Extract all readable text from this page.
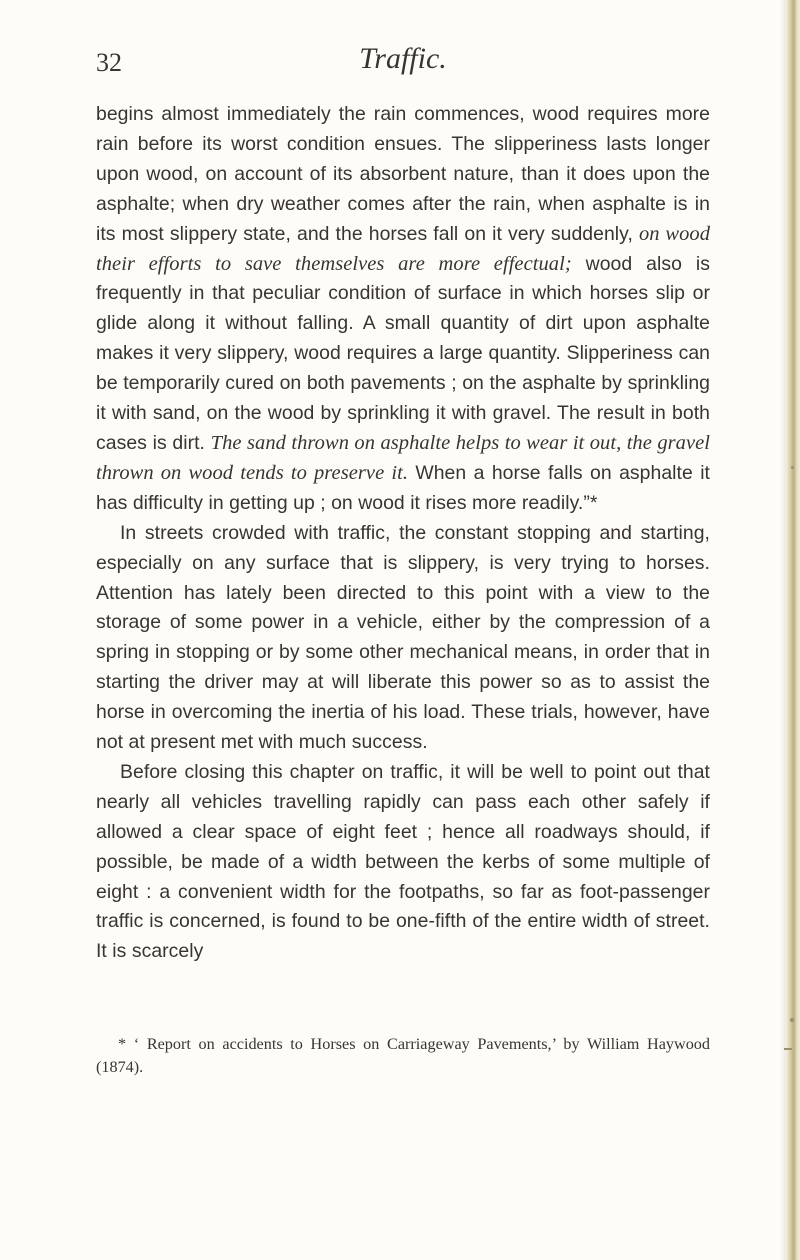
32	Traffic.

begins almost immediately the rain commences, wood requires more rain before its worst condition ensues. The slipperiness lasts longer upon wood, on account of its absorbent nature, than it does upon the asphalte; when dry weather comes after the rain, when asphalte is in its most slippery state, and the horses fall on it very suddenly, on wood their efforts to save themselves are more effectual; wood also is frequently in that peculiar condition of surface in which horses slip or glide along it without falling. A small quantity of dirt upon asphalte makes it very slippery, wood requires a large quantity. Slipperiness can be temporarily cured on both pavements ; on the asphalte by sprinkling it with sand, on the wood by sprinkling it with gravel. The result in both cases is dirt. The sand thrown on asphalte helps to wear it out, the gravel thrown on wood tends to preserve it. When a horse falls on asphalte it has difficulty in getting up ; on wood it rises more readily.”*

In streets crowded with traffic, the constant stopping and starting, especially on any surface that is slippery, is very trying to horses. Attention has lately been directed to this point with a view to the storage of some power in a vehicle, either by the compression of a spring in stopping or by some other mechanical means, in order that in starting the driver may at will liberate this power so as to assist the horse in overcoming the inertia of his load. These trials, however, have not at present met with much success.

Before closing this chapter on traffic, it will be well to point out that nearly all vehicles travelling rapidly can pass each other safely if allowed a clear space of eight feet ; hence all roadways should, if possible, be made of a width between the kerbs of some multiple of eight : a convenient width for the footpaths, so far as foot-passenger traffic is concerned, is found to be one-fifth of the entire width of street. It is scarcely

* ‘ Report on accidents to Horses on Carriageway Pavements,’ by William Haywood (1874).
